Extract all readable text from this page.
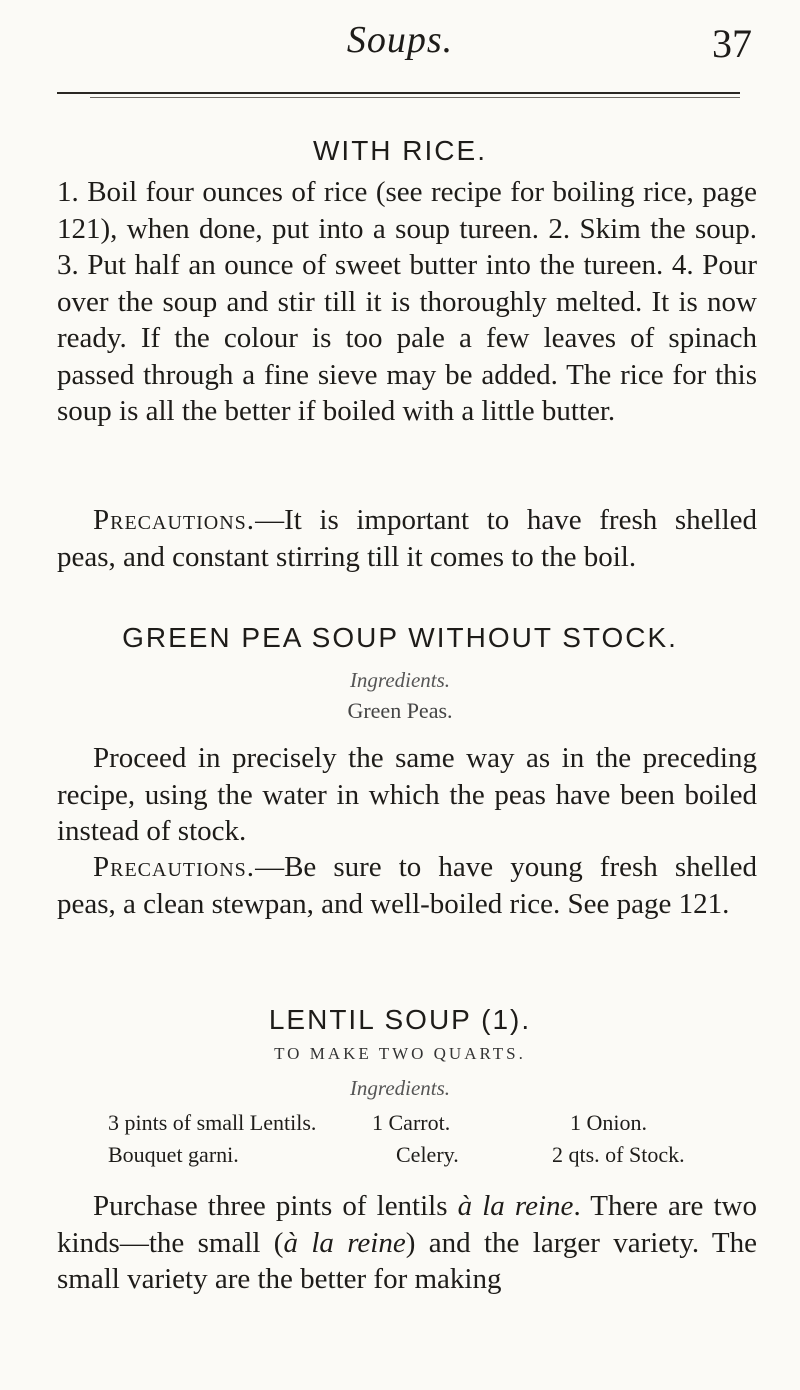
Soups.	37
WITH RICE.
1. Boil four ounces of rice (see recipe for boiling rice, page 121), when done, put into a soup tureen. 2. Skim the soup. 3. Put half an ounce of sweet butter into the tureen. 4. Pour over the soup and stir till it is thoroughly melted. It is now ready. If the colour is too pale a few leaves of spinach passed through a fine sieve may be added. The rice for this soup is all the better if boiled with a little butter.
Precautions.—It is important to have fresh shelled peas, and constant stirring till it comes to the boil.
GREEN PEA SOUP WITHOUT STOCK.
Ingredients.
Green Peas.
Proceed in precisely the same way as in the preceding recipe, using the water in which the peas have been boiled instead of stock.
Precautions.—Be sure to have young fresh shelled peas, a clean stewpan, and well-boiled rice. See page 121.
LENTIL SOUP (1).
TO MAKE TWO QUARTS.
Ingredients.
3 pints of small Lentils.	1 Carrot.	1 Onion.
Bouquet garni.	Celery.	2 qts. of Stock.
Purchase three pints of lentils à la reine. There are two kinds—the small (à la reine) and the larger variety. The small variety are the better for making
